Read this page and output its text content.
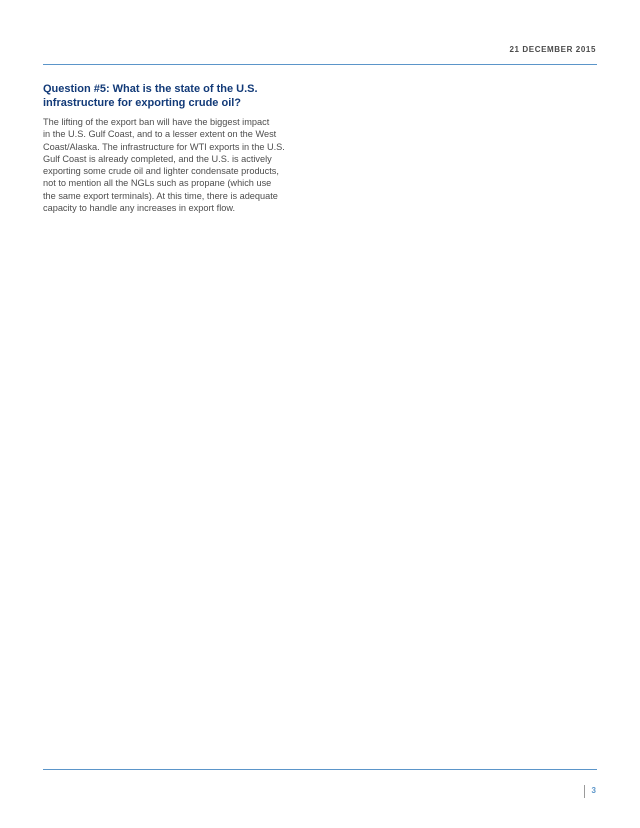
21 DECEMBER 2015
Question #5: What is the state of the U.S.
infrastructure for exporting crude oil?

The lifting of the export ban will have the biggest impact
in the U.S. Gulf Coast, and to a lesser extent on the West
Coast/Alaska. The infrastructure for WTI exports in the U.S.
Gulf Coast is already completed, and the U.S. is actively
exporting some crude oil and lighter condensate products,
not to mention all the NGLs such as propane (which use
the same export terminals). At this time, there is adequate
capacity to handle any increases in export flow.

3
